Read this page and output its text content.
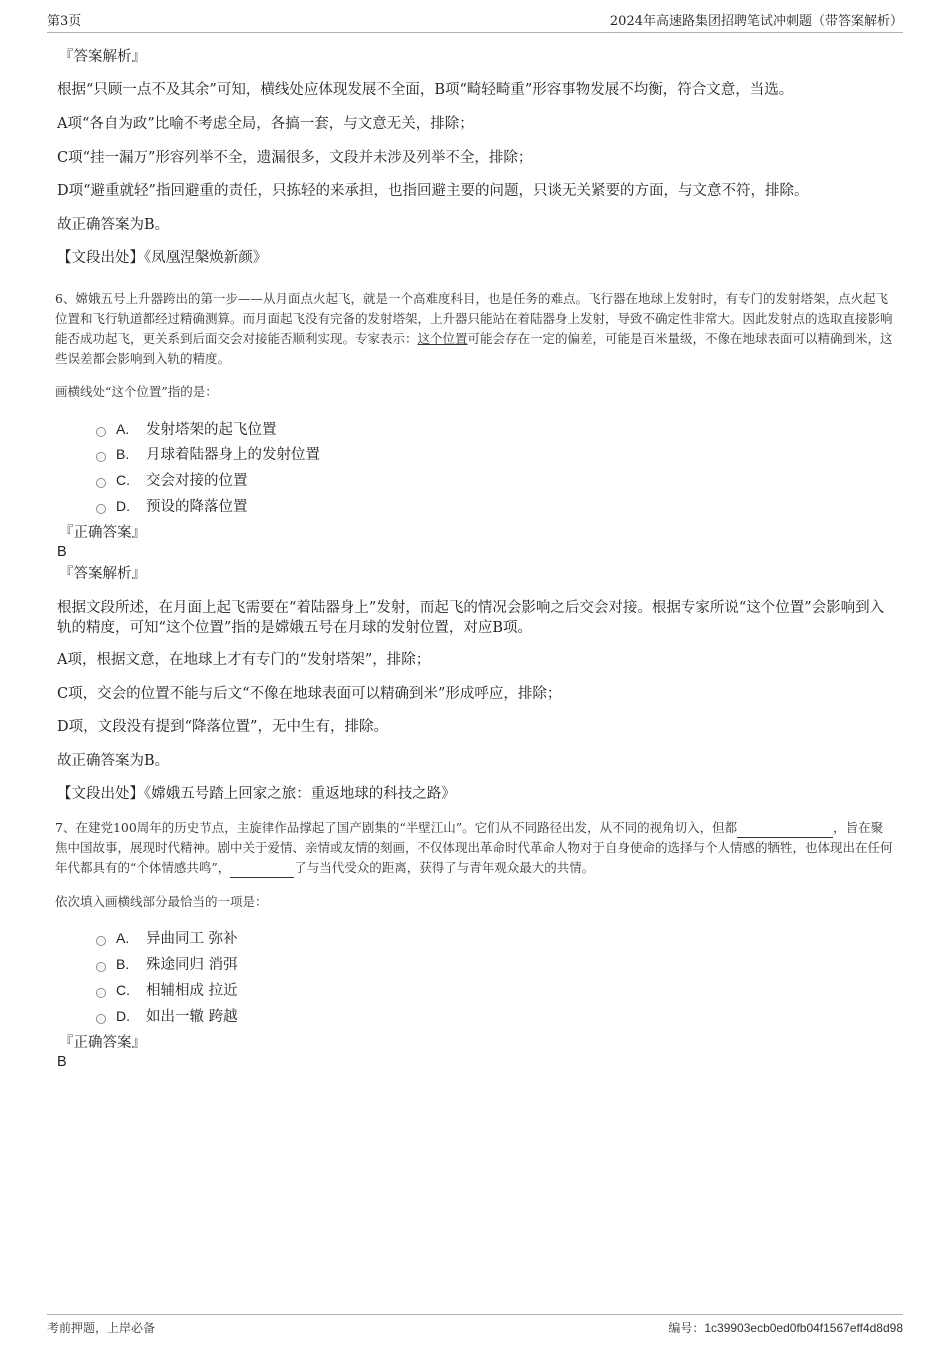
第3页	2024年高速路集团招聘笔试冲刺题（带答案解析）
『答案解析』
根据“只顾一点不及其余”可知，横线处应体现发展不全面，B项“畸轻畸重”形容事物发展不均衡，符合文意，当选。
A项“各自为政”比喻不考虑全局，各搞一套，与文意无关，排除；
C项“挂一漏万”形容列举不全，遗漏很多，文段并未涉及列举不全，排除；
D项“避重就轻”指回避重的责任，只拣轻的来承担，也指回避主要的问题，只谈无关紧要的方面，与文意不符，排除。
故正确答案为B。
【文段出处】《凤凰涅槃焕新颜》
6、嫦娥五号上升器跨出的第一步——从月面点火起飞，就是一个高难度科目，也是任务的难点。飞行器在地球上发射时，有专门的发射塔架，点火起飞位置和飞行轨道都经过精确测算。而月面起飞没有完备的发射塔架，上升器只能站在着陆器身上发射，导致不确定性非常大。因此发射点的选取直接影响能否成功起飞，更关系到后面交会对接能否顺利实现。专家表示：这个位置可能会存在一定的偏差，可能是百米量级，不像在地球表面可以精确到米，这些误差都会影响到入轨的精度。
画横线处“这个位置”指的是：
A. 发射塔架的起飞位置
B. 月球着陆器身上的发射位置
C. 交会对接的位置
D. 预设的降落位置
『正确答案』
B
『答案解析』
根据文段所述，在月面上起飞需要在“着陆器身上”发射，而起飞的情况会影响之后交会对接。根据专家所说“这个位置”会影响到入轨的精度，可知“这个位置”指的是嫦娥五号在月球的发射位置，对应B项。
A项，根据文意，在地球上才有专门的“发射塔架”，排除；
C项，交会的位置不能与后文“不像在地球表面可以精确到米”形成呼应，排除；
D项，文段没有提到“降落位置”，无中生有，排除。
故正确答案为B。
【文段出处】《嫦娥五号踏上回家之旅：重返地球的科技之路》
7、在建党100周年的历史节点，主旋律作品撑起了国产剧集的“半壁江山”。它们从不同路径出发，从不同的视角切入，但都	，旨在聚焦中国故事，展现时代精神。剧中关于爱情、亲情或友情的刻画，不仅体现出革命时代革命人物对于自身使命的选择与个人情感的牺牲，也体现出在任何年代都具有的“个体情感共鸣”，	了与当代受众的距离，获得了与青年观众最大的共情。
依次填入画横线部分最恰当的一项是：
A. 异曲同工 弥补
B. 殊途同归 消弭
C. 相辅相成 拉近
D. 如出一辙 跨越
『正确答案』
B
考前押题，上岸必备	编号：1c39903ecb0ed0fb04f1567eff4d8d98
